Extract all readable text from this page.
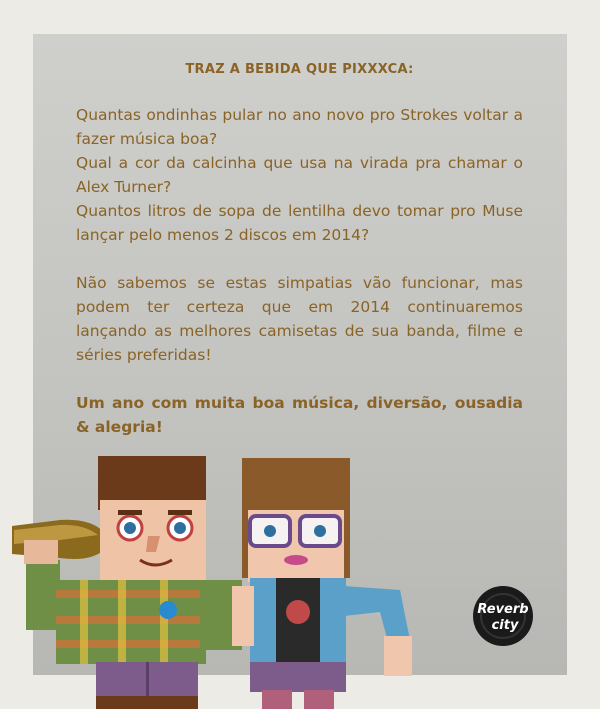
TRAZ A BEBIDA QUE PIXXXCA:

Quantas ondinhas pular no ano novo pro Strokes voltar a fazer música boa?
Qual a cor da calcinha que usa na virada pra chamar o Alex Turner?
Quantos litros de sopa de lentilha devo tomar pro Muse lançar pelo menos 2 discos em 2014?

Não sabemos se estas simpatias vão funcionar, mas podem ter certeza que em 2014 continuaremos lançando as melhores camisetas de sua banda, filme e séries preferidas!

Um ano com muita boa música, diversão, ousadia & alegria!

Reverb
city
